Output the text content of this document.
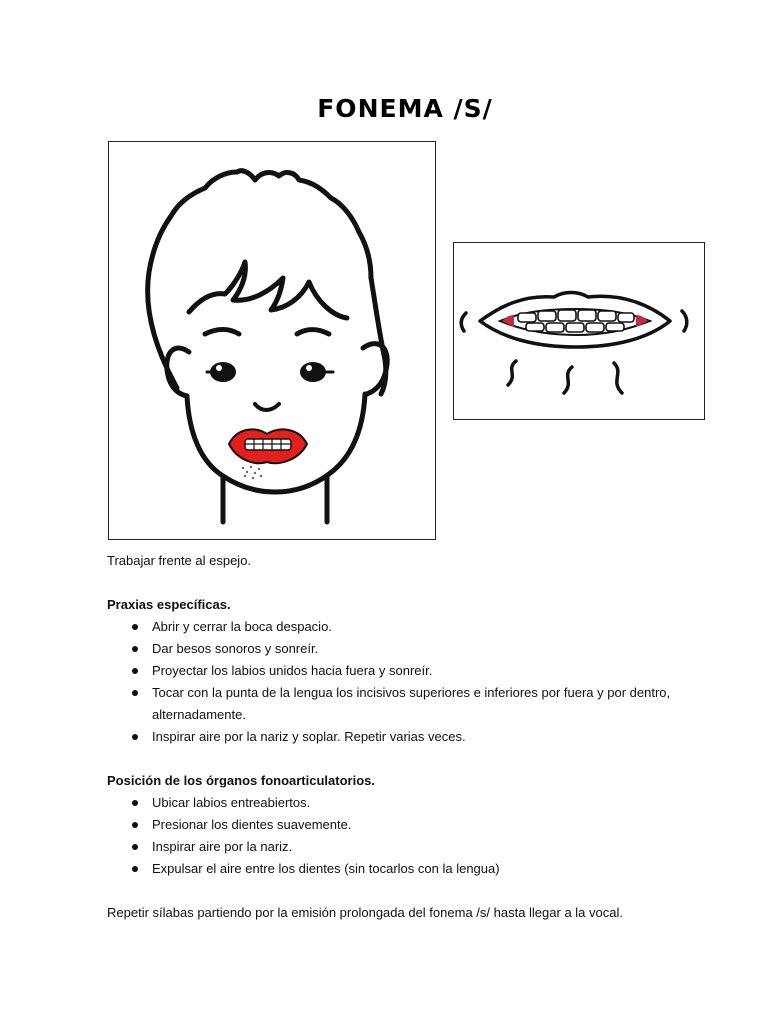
FONEMA /S/

Trabajar frente al espejo.

Praxias específicas.

Abrir y cerrar la boca despacio.
Dar besos sonoros y sonreír.
Proyectar los labios unidos hacia fuera y sonreír.
Tocar con la punta de la lengua los incisivos superiores e inferiores por fuera y por dentro, alternadamente.
Inspirar aire por la nariz y soplar. Repetir varias veces.

Posición de los órganos fonoarticulatorios.

Ubicar labios entreabiertos.
Presionar los dientes suavemente.
Inspirar aire por la nariz.
Expulsar el aire entre los dientes (sin tocarlos con la lengua)

Repetir sílabas partiendo por la emisión prolongada del fonema /s/ hasta llegar a la vocal.
